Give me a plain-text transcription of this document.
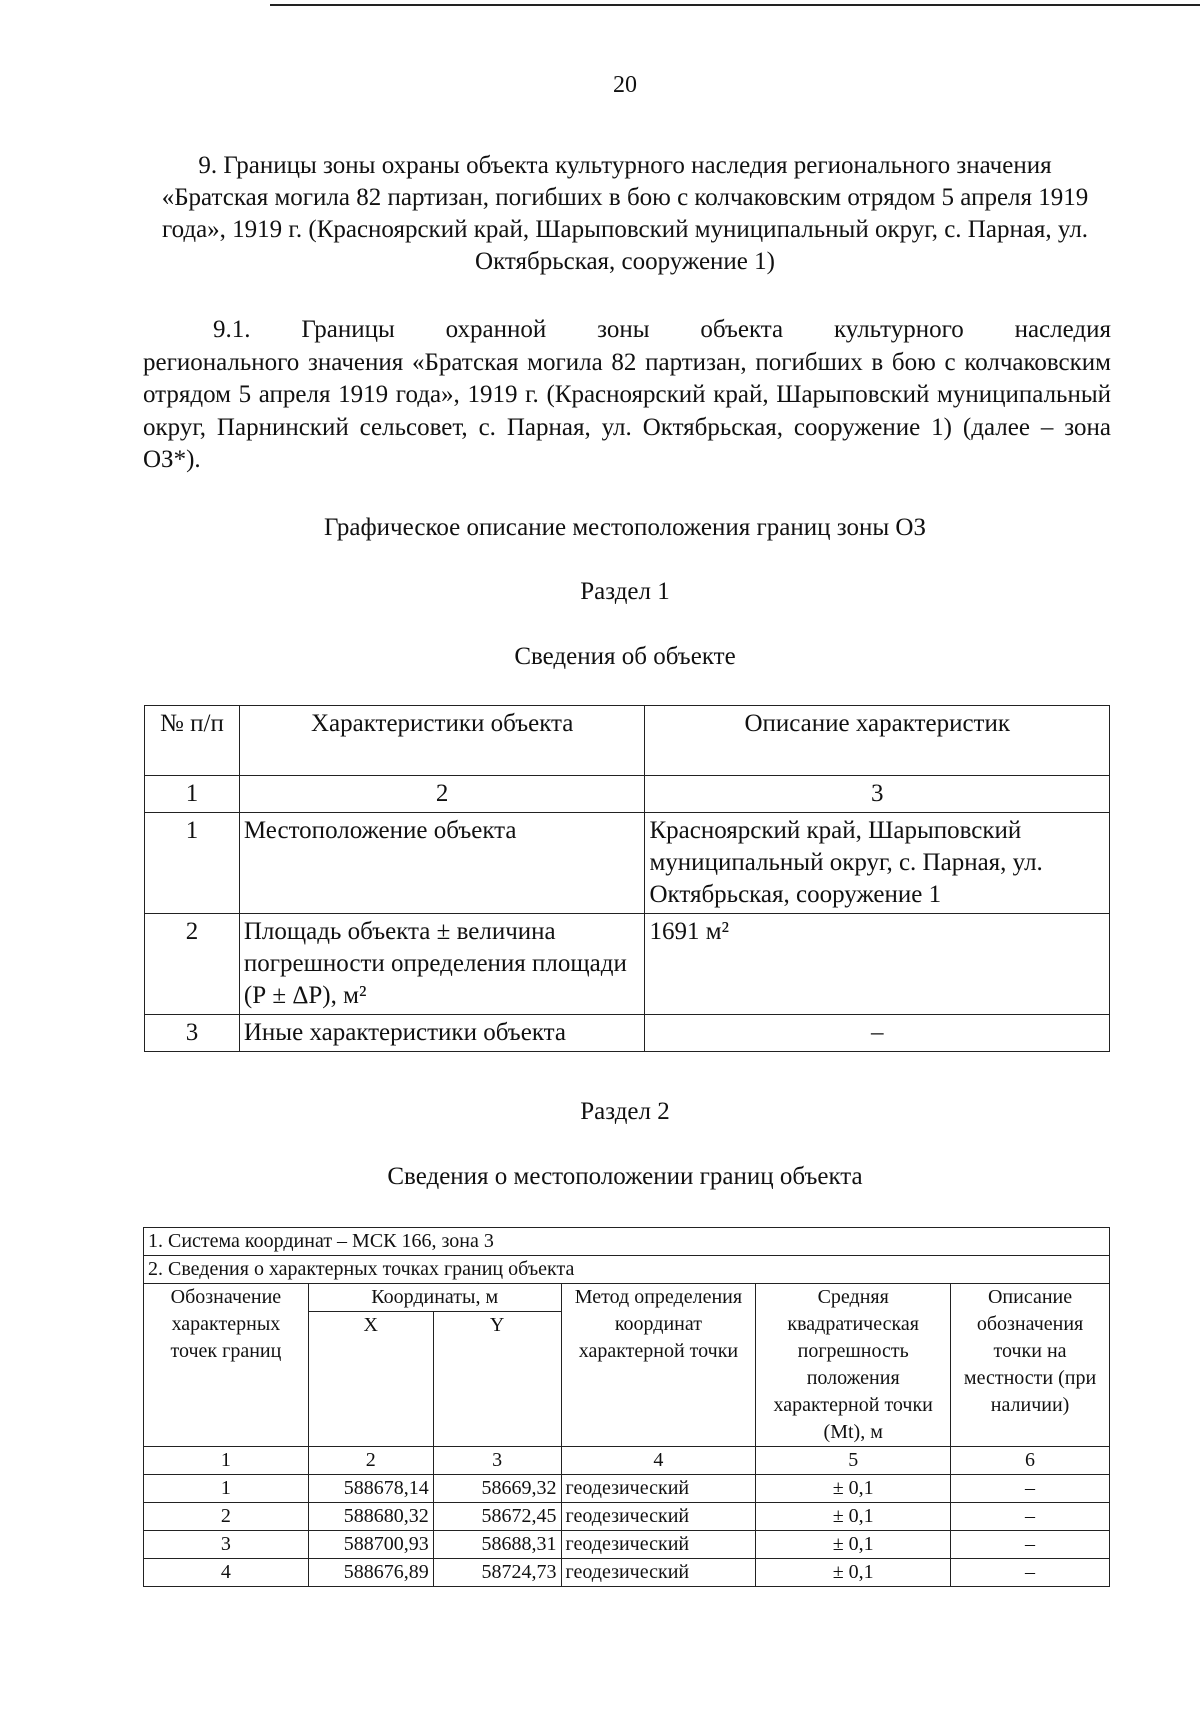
20
9. Границы зоны охраны объекта культурного наследия регионального значения «Братская могила 82 партизан, погибших в бою с колчаковским отрядом 5 апреля 1919 года», 1919 г. (Красноярский край, Шарыповский муниципальный округ, с. Парная, ул. Октябрьская, сооружение 1)
9.1. Границы охранной зоны объекта культурного наследия
регионального значения «Братская могила 82 партизан, погибших в бою с колчаковским отрядом 5 апреля 1919 года», 1919 г. (Красноярский край, Шарыповский муниципальный округ, Парнинский сельсовет, с. Парная, ул. Октябрьская, сооружение 1) (далее – зона ОЗ*).
Графическое описание местоположения границ зоны ОЗ
Раздел 1
Сведения об объекте
№ п/п	Характеристики объекта	Описание характеристик
1	2	3
1	Местоположение объекта	Красноярский край, Шарыповский муниципальный округ, с. Парная, ул. Октябрьская, сооружение 1
2	Площадь объекта ± величина погрешности определения площади (Р ± ΔР), м²	1691 м²
3	Иные характеристики объекта	–
Раздел 2
Сведения о местоположении границ объекта
1. Система координат – МСК 166, зона 3					
2. Сведения о характерных точках границ объекта					
Обозначение характерных точек границ	Координаты, м		Метод определения координат характерной точки	Средняя квадратическая погрешность положения характерной точки (Mt), м	Описание обозначения точки на местности (при наличии)
	X	Y			
1	2	3	4	5	6
1	588678,14	58669,32	геодезический	± 0,1	–
2	588680,32	58672,45	геодезический	± 0,1	–
3	588700,93	58688,31	геодезический	± 0,1	–
4	588676,89	58724,73	геодезический	± 0,1	–
